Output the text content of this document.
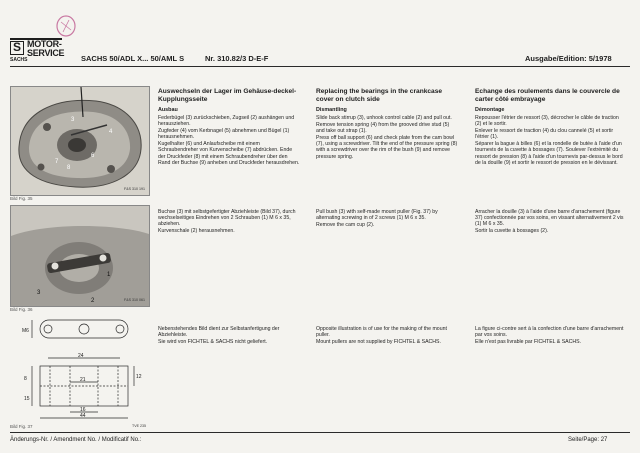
S MOTOR-
SERVICE
SACHS	SACHS 50/ADL X... 50/AML S	Nr. 310.82/3 D-E-F	Ausgabe/Edition: 5/1978
3
4
6
7
8
F&S 310 191
Bild Fig. 35
3
2
1
F&S 310 061
Bild Fig. 36
M6
24
21
16
44
8	12
15
TVE 235
Bild Fig. 37
Auswechseln der Lager im Gehäuse-deckel-Kupplungsseite
Ausbau

Federbügel (3) zurückschieben, Zugseil (2) aushängen und herausziehen.

Zugfeder (4) vom Kerbnagel (5) abnehmen und Bügel (1) herausnehmen.

Kugelhalter (6) und Anlaufscheibe mit einem Schraubendreher von Kurvenscheibe (7) abdrücken. Ende der Druckfeder (8) mit einem Schraubendreher über den Rand der Buchse (9) anheben und Druckfeder herausdrehen.

Buchse (3) mit selbstgefertigter Abziehleiste (Bild 37), durch wechselseitiges Eindrehen von 2 Schrauben (1) M 6 x 35, abziehen.

Kurvenschale (2) herausnehmen.

Nebenstehendes Bild dient zur Selbstanfertigung der Abziehleiste.

Sie wird von FICHTEL & SACHS nicht geliefert.

Replacing the bearings in the crankcase cover on clutch side
Dismantling

Slide back stirrup (3), unhook control cable (2) and pull out.

Remove tension spring (4) from the grooved drive stud (5) and take out strap (1).

Press off ball support (6) and check plate from the cam bowl (7), using a screwdriver. Tilt the end of the pressure spring (8) with a screwdriver over the rim of the bush (9) and remove pressure spring.

Pull bush (3) with self-made mount puller (Fig. 37) by alternating screwing in of 2 screws (1) M 6 x 35.

Remove the cam cup (2).

Opposite illustration is of use for the making of the mount puller.

Mount pullers are not supplied by FICHTEL & SACHS.

Echange des roulements dans le couvercle de carter côté embrayage
Démontage

Repousser l'étrier de ressort (3), décrocher le câble de traction (2) et le sortir.

Enlever le ressort de traction (4) du clou cannelé (5) et sortir l'étrier (1).

Séparer la bague à billes (6) et la rondelle de butée à l'aide d'un tournevis de la cuvette à bossages (7). Soulever l'extrémité du ressort de pression (8) à l'aide d'un tournevis par-dessus le bord de la douille (9) et sortir le ressort de pression en le dévissant.

Arracher la douille (3) à l'aide d'une barre d'arrachement (figure 37) confectionnée par vos soins, en vissant alternativement 2 vis (1) M 6 x 35.

Sortir la cuvette à bossages (2).

La figure ci-contre sert à la confection d'une barre d'arrachement par vos soins.

Elle n'est pas livrable par FICHTEL & SACHS.

Änderungs-Nr. / Amendment No. / Modificatif No.:	Seite/Page: 27
